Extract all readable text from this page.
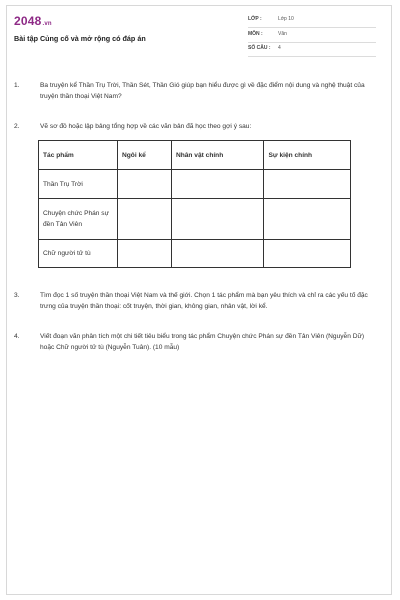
2048.vn
Bài tập Củng cố và mở rộng có đáp án
LỚP :	Lớp 10
MÔN :	Văn
SỐ CÂU : 4
1.	Ba truyện kể Thần Trụ Trời, Thần Sét, Thần Gió giúp bạn hiểu được gì về đặc điểm nội dung và nghệ thuật của truyện thần thoại Việt Nam?
2.	Vẽ sơ đồ hoặc lập bảng tổng hợp về các văn bản đã học theo gợi ý sau:
Tác phẩm	Ngôi kể	Nhân vật chính	Sự kiện chính
Thần Trụ Trời			
Chuyện chức Phán sự đền Tản Viên			
Chữ người tử tù			
3.	Tìm đọc 1 số truyện thần thoại Việt Nam và thế giới. Chọn 1 tác phẩm mà bạn yêu thích và chỉ ra các yếu tố đặc trưng của truyện thần thoại: cốt truyện, thời gian, không gian, nhân vật, lời kể.
4.	Viết đoạn văn phân tích một chi tiết tiêu biểu trong tác phẩm Chuyện chức Phán sự đền Tản Viên (Nguyễn Dữ) hoặc Chữ người tử tù (Nguyễn Tuân). (10 mẫu)
